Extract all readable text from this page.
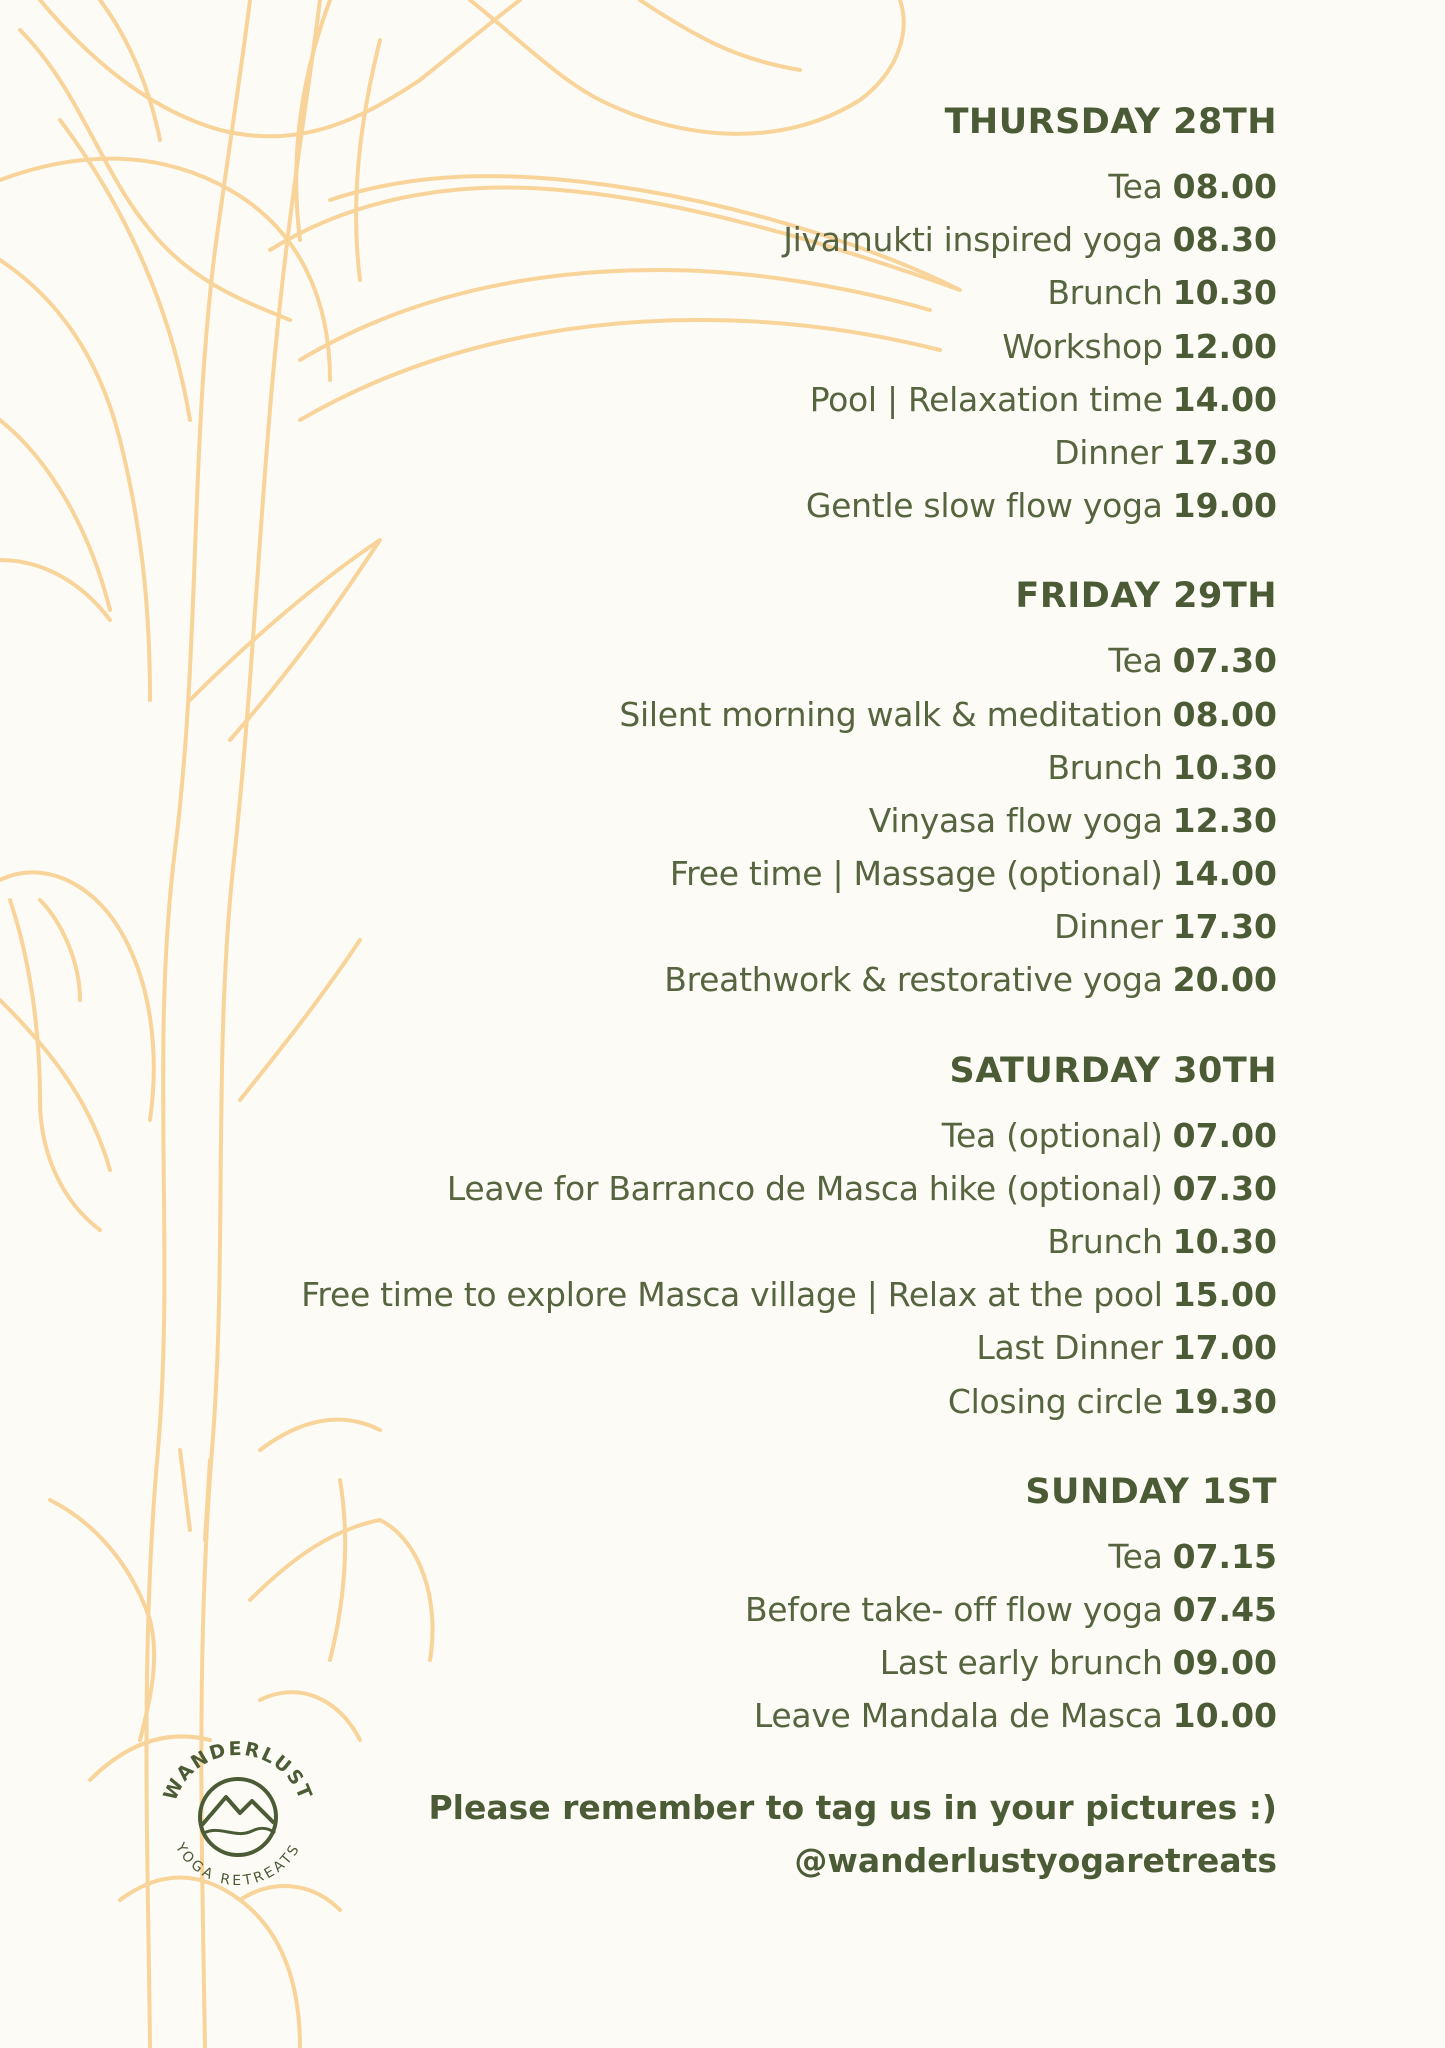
WANDERLUST
YOGA RETREATS
THURSDAY 28TH
Tea 08.00
Jivamukti inspired yoga 08.30
Brunch 10.30
Workshop 12.00
Pool | Relaxation time 14.00
Dinner 17.30
Gentle slow flow yoga 19.00
FRIDAY 29TH
Tea 07.30
Silent morning walk & meditation 08.00
Brunch 10.30
Vinyasa flow yoga 12.30
Free time | Massage (optional) 14.00
Dinner 17.30
Breathwork & restorative yoga 20.00
SATURDAY 30TH
Tea (optional) 07.00
Leave for Barranco de Masca hike (optional) 07.30
Brunch 10.30
Free time to explore Masca village | Relax at the pool 15.00
Last Dinner 17.00
Closing circle 19.30
SUNDAY 1ST
Tea 07.15
Before take- off flow yoga 07.45
Last early brunch 09.00
Leave Mandala de Masca 10.00
Please remember to tag us in your pictures :)
@wanderlustyogaretreats
